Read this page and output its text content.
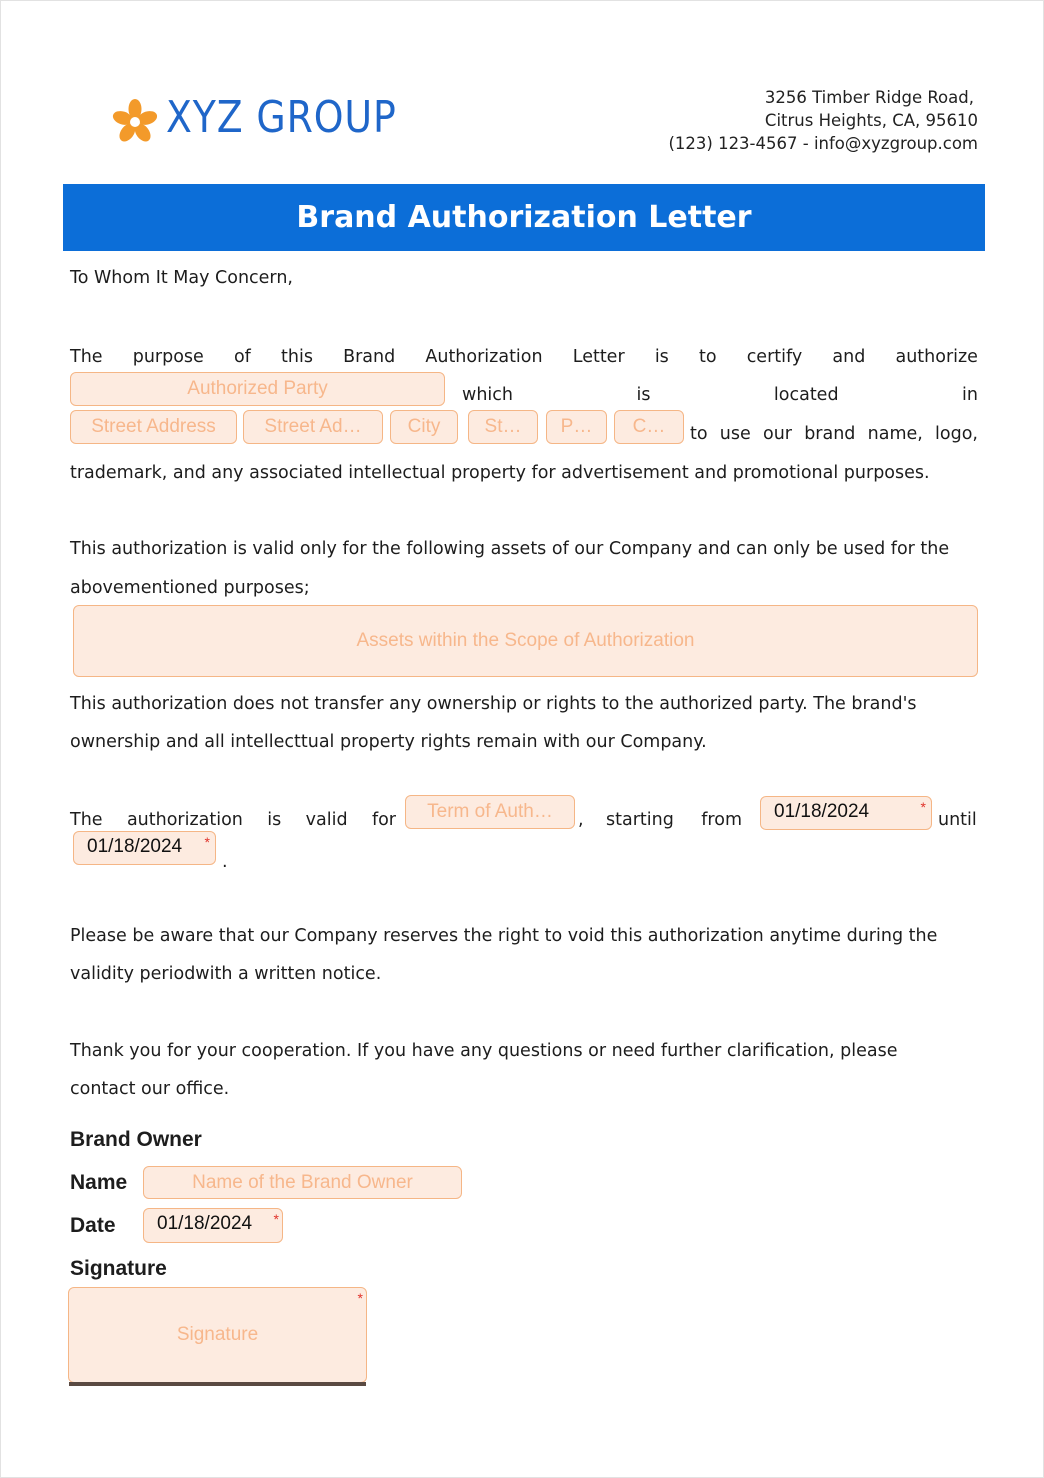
XYZ GROUP	3256 Timber Ridge Road,
Citrus Heights, CA, 95610
(123) 123-4567 - info@xyzgroup.com
Brand Authorization Letter
To Whom It May Concern,
The purpose of this Brand Authorization Letter is to certify and authorize
Authorized Party	which	is	located	in
Street Address	Street Ad…	City	St…	P…	C…	to use our brand name, logo,
trademark, and any associated intellectual property for advertisement and promotional purposes.
This authorization is valid only for the following assets of our Company and can only be used for the
abovementioned purposes;
Assets within the Scope of Authorization
This authorization does not transfer any ownership or rights to the authorized party. The brand's
ownership and all intellecttual property rights remain with our Company.
The authorization is valid for	Term of Auth…	, starting from	01/18/2024	*
until
01/18/2024 *
.
Please be aware that our Company reserves the right to void this authorization anytime during the
validity periodwith a written notice.
Thank you for your cooperation. If you have any questions or need further clarification, please
contact our office.
Brand Owner
Name	Name of the Brand Owner
Date	01/18/2024 *
Signature
Signature
*
